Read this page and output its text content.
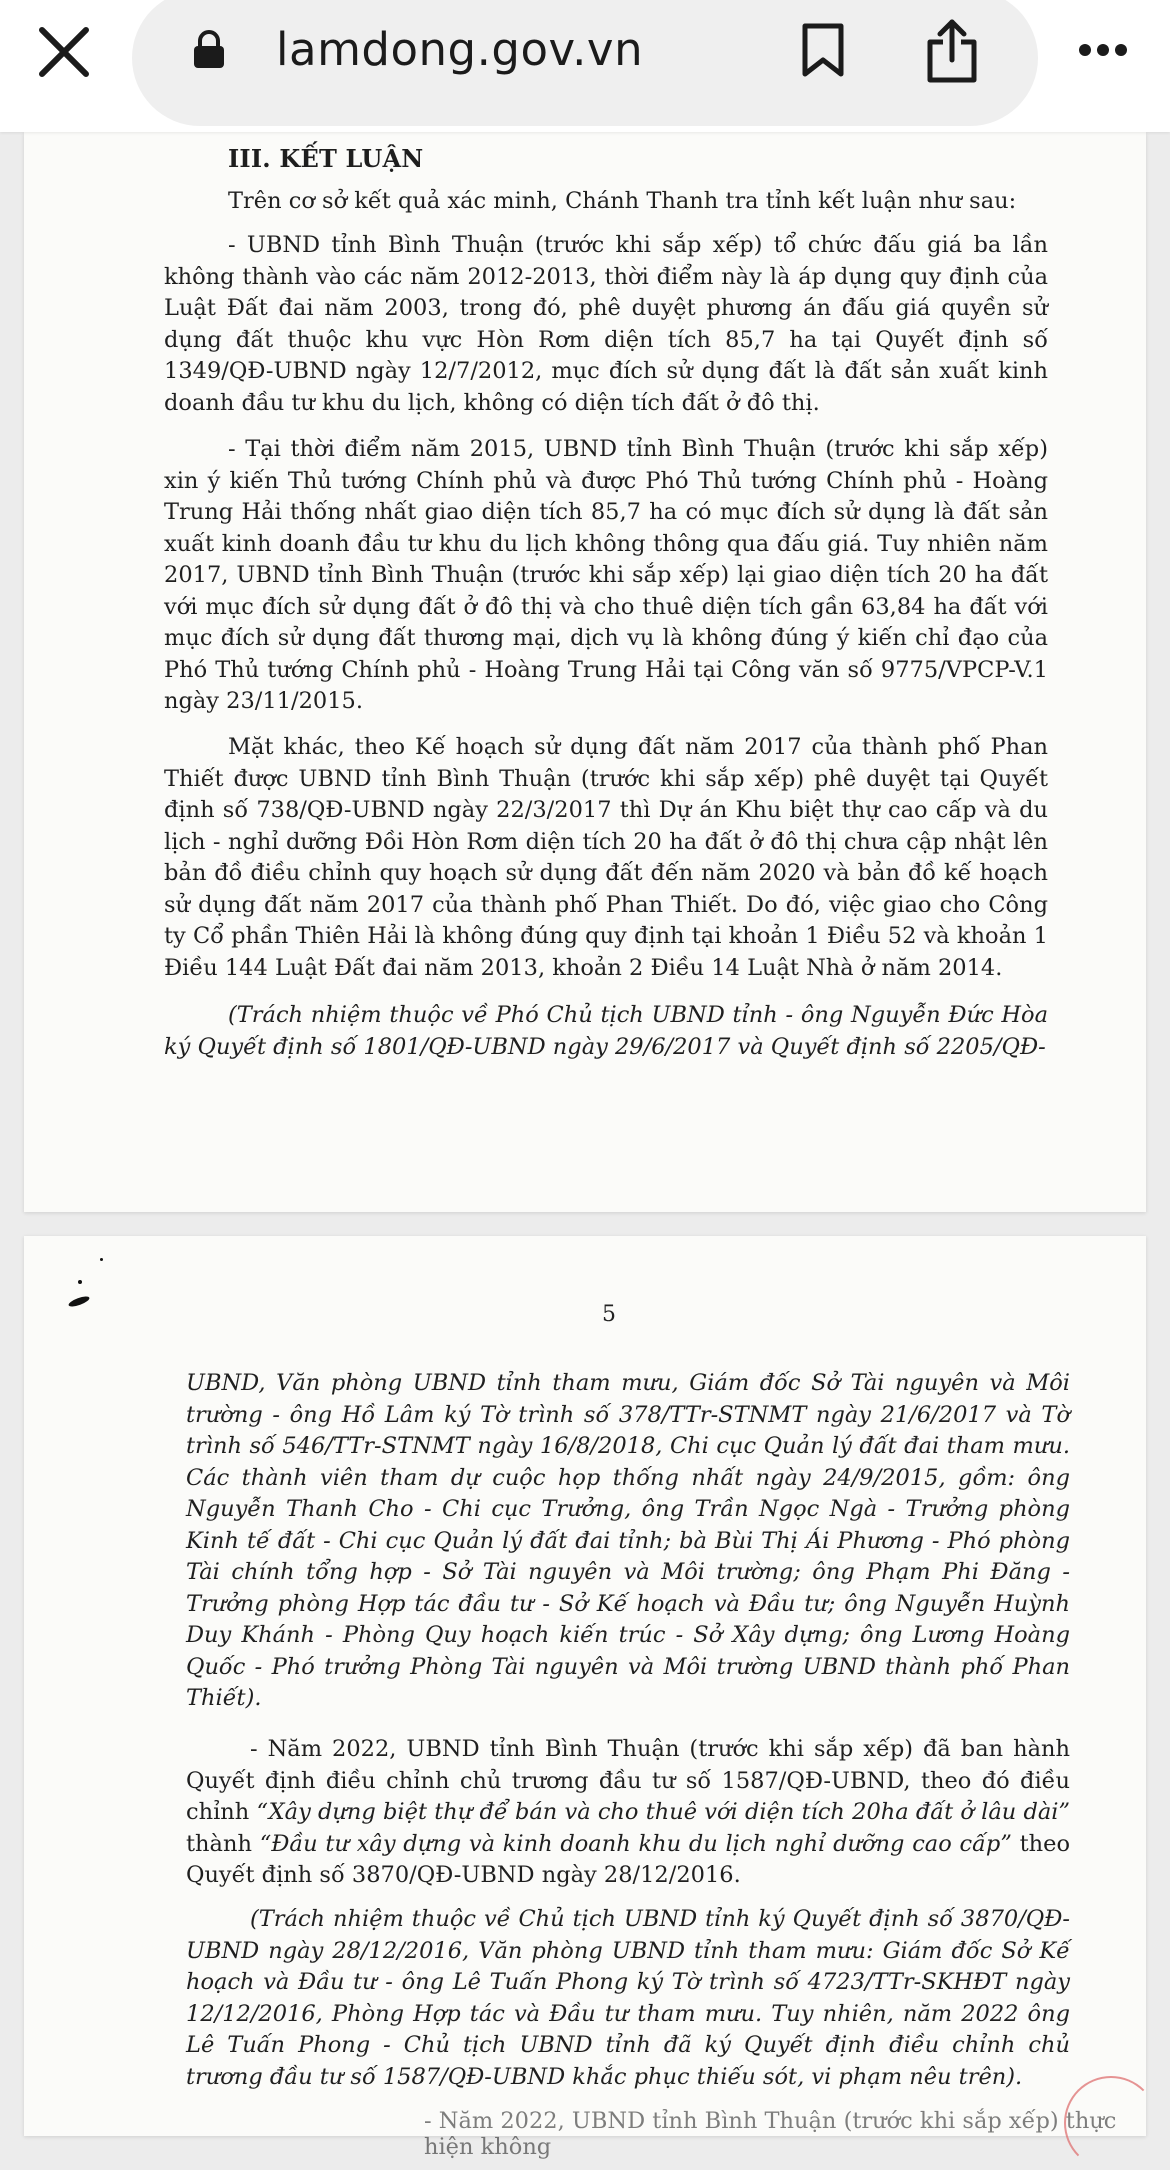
lamdong.gov.vn
III. KẾT LUẬN

Trên cơ sở kết quả xác minh, Chánh Thanh tra tỉnh kết luận như sau:

- UBND tỉnh Bình Thuận (trước khi sắp xếp) tổ chức đấu giá ba lần không thành vào các năm 2012-2013, thời điểm này là áp dụng quy định của Luật Đất đai năm 2003, trong đó, phê duyệt phương án đấu giá quyền sử dụng đất thuộc khu vực Hòn Rơm diện tích 85,7 ha tại Quyết định số 1349/QĐ-UBND ngày 12/7/2012, mục đích sử dụng đất là đất sản xuất kinh doanh đầu tư khu du lịch, không có diện tích đất ở đô thị.

- Tại thời điểm năm 2015, UBND tỉnh Bình Thuận (trước khi sắp xếp) xin ý kiến Thủ tướng Chính phủ và được Phó Thủ tướng Chính phủ - Hoàng Trung Hải thống nhất giao diện tích 85,7 ha có mục đích sử dụng là đất sản xuất kinh doanh đầu tư khu du lịch không thông qua đấu giá. Tuy nhiên năm 2017, UBND tỉnh Bình Thuận (trước khi sắp xếp) lại giao diện tích 20 ha đất với mục đích sử dụng đất ở đô thị và cho thuê diện tích gần 63,84 ha đất với mục đích sử dụng đất thương mại, dịch vụ là không đúng ý kiến chỉ đạo của Phó Thủ tướng Chính phủ - Hoàng Trung Hải tại Công văn số 9775/VPCP-V.1 ngày 23/11/2015.

Mặt khác, theo Kế hoạch sử dụng đất năm 2017 của thành phố Phan Thiết được UBND tỉnh Bình Thuận (trước khi sắp xếp) phê duyệt tại Quyết định số 738/QĐ-UBND ngày 22/3/2017 thì Dự án Khu biệt thự cao cấp và du lịch - nghỉ dưỡng Đồi Hòn Rơm diện tích 20 ha đất ở đô thị chưa cập nhật lên bản đồ điều chỉnh quy hoạch sử dụng đất đến năm 2020 và bản đồ kế hoạch sử dụng đất năm 2017 của thành phố Phan Thiết. Do đó, việc giao cho Công ty Cổ phần Thiên Hải là không đúng quy định tại khoản 1 Điều 52 và khoản 1 Điều 144 Luật Đất đai năm 2013, khoản 2 Điều 14 Luật Nhà ở năm 2014.

(Trách nhiệm thuộc về Phó Chủ tịch UBND tỉnh - ông Nguyễn Đức Hòa ký Quyết định số 1801/QĐ-UBND ngày 29/6/2017 và Quyết định số 2205/QĐ-

5

UBND, Văn phòng UBND tỉnh tham mưu, Giám đốc Sở Tài nguyên và Môi trường - ông Hồ Lâm ký Tờ trình số 378/TTr-STNMT ngày 21/6/2017 và Tờ trình số 546/TTr-STNMT ngày 16/8/2018, Chi cục Quản lý đất đai tham mưu. Các thành viên tham dự cuộc họp thống nhất ngày 24/9/2015, gồm: ông Nguyễn Thanh Cho - Chi cục Trưởng, ông Trần Ngọc Ngà - Trưởng phòng Kinh tế đất - Chi cục Quản lý đất đai tỉnh; bà Bùi Thị Ái Phương - Phó phòng Tài chính tổng hợp - Sở Tài nguyên và Môi trường; ông Phạm Phi Đăng - Trưởng phòng Hợp tác đầu tư - Sở Kế hoạch và Đầu tư; ông Nguyễn Huỳnh Duy Khánh - Phòng Quy hoạch kiến trúc - Sở Xây dựng; ông Lương Hoàng Quốc - Phó trưởng Phòng Tài nguyên và Môi trường UBND thành phố Phan Thiết).

- Năm 2022, UBND tỉnh Bình Thuận (trước khi sắp xếp) đã ban hành Quyết định điều chỉnh chủ trương đầu tư số 1587/QĐ-UBND, theo đó điều chỉnh “Xây dựng biệt thự để bán và cho thuê với diện tích 20ha đất ở lâu dài” thành “Đầu tư xây dựng và kinh doanh khu du lịch nghỉ dưỡng cao cấp” theo Quyết định số 3870/QĐ-UBND ngày 28/12/2016.

(Trách nhiệm thuộc về Chủ tịch UBND tỉnh ký Quyết định số 3870/QĐ-UBND ngày 28/12/2016, Văn phòng UBND tỉnh tham mưu: Giám đốc Sở Kế hoạch và Đầu tư - ông Lê Tuấn Phong ký Tờ trình số 4723/TTr-SKHĐT ngày 12/12/2016, Phòng Hợp tác và Đầu tư tham mưu. Tuy nhiên, năm 2022 ông Lê Tuấn Phong - Chủ tịch UBND tỉnh đã ký Quyết định điều chỉnh chủ trương đầu tư số 1587/QĐ-UBND khắc phục thiếu sót, vi phạm nêu trên).

- Năm 2022, UBND tỉnh Bình Thuận (trước khi sắp xếp) thực hiện không
